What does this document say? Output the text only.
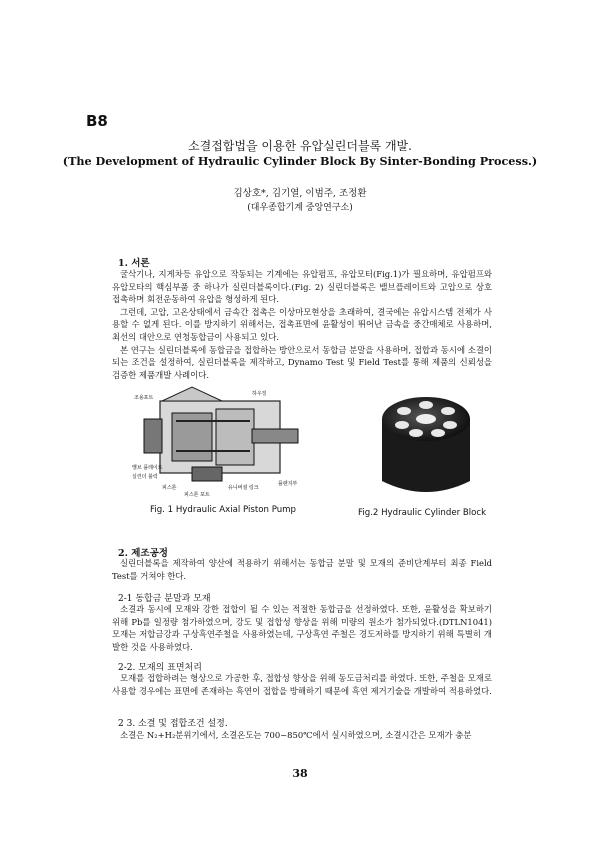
B8
소결접합법을 이용한 유압실린더블록 개발.
(The Development of Hydraulic Cylinder Block By Sinter-Bonding Process.)
김상호*, 김기열, 이범주, 조정환
(대우종합기계 중앙연구소)
1. 서론

굴삭기나, 지게차등 유압으로 작동되는 기계에는 유압펌프, 유압모터(Fig.1)가 필요하며, 유압펌프와 유압모타의 핵심부품 중 하나가 실린더블록이다.(Fig. 2) 실린더블록은 밸브플레이트와 고압으로 상호 접촉하며 회전운동하여 유압을 형성하게 된다.

그런데, 고압, 고온상태에서 금속간 접촉은 이상마모현상을 초래하여, 결국에는 유압시스템 전체가 사용할 수 없게 된다. 이를 방지하기 위해서는, 접촉표면에 윤활성이 뛰어난 금속을 중간매체로 사용하며, 최선의 대안으로 연청동합금이 사용되고 있다.

본 연구는 실린더블록에 동합금을 접합하는 방안으로서 동합금 분말을 사용하며, 접합과 동시에 소결이 되는 조건을 설정하여, 실린더블록을 제작하고, Dynamo Test 및 Field Test를 통해 제품의 신뢰성을 검증한 제품개발 사례이다.

조용포트
하우징
밸브 플레이트
실린더 블럭
피스톤
피스톤 포트
유니버셜 링크
플랜지부
Fig. 1 Hydraulic Axial Piston Pump	Fig.2 Hydraulic Cylinder Block
2. 제조공정

실린더블록을 제작하여 양산에 적용하기 위해서는 동합금 분말 및 모재의 준비단계부터 최종 Field Test를 거쳐야 한다.

2-1 동합금 분말과 모재

소결과 동시에 모재와 강한 접합이 될 수 있는 적절한 동합금을 선정하였다. 또한, 윤활성을 확보하기 위해 Pb를 일정량 첨가하였으며, 강도 및 접합성 향상을 위해 미량의 원소가 첨가되었다.(DTLN1041) 모재는 저합금강과 구상흑연주철을 사용하였는데, 구상흑연 주철은 경도저하를 방지하기 위해 특별히 개발한 것을 사용하였다.

2-2. 모재의 표면처리

모재를 접합하려는 형상으로 가공한 후, 접합성 향상을 위해 동도금처리를 하였다. 또한, 주철을 모재로 사용할 경우에는 표면에 존재하는 흑연이 접합을 방해하기 때문에 흑연 제거기술을 개발하여 적용하였다.

2 3. 소결 및 접합조건 설정.

소결은 N₂+H₂분위기에서, 소결온도는 700~850℃에서 실시하였으며, 소결시간은 모재가 충분

38
